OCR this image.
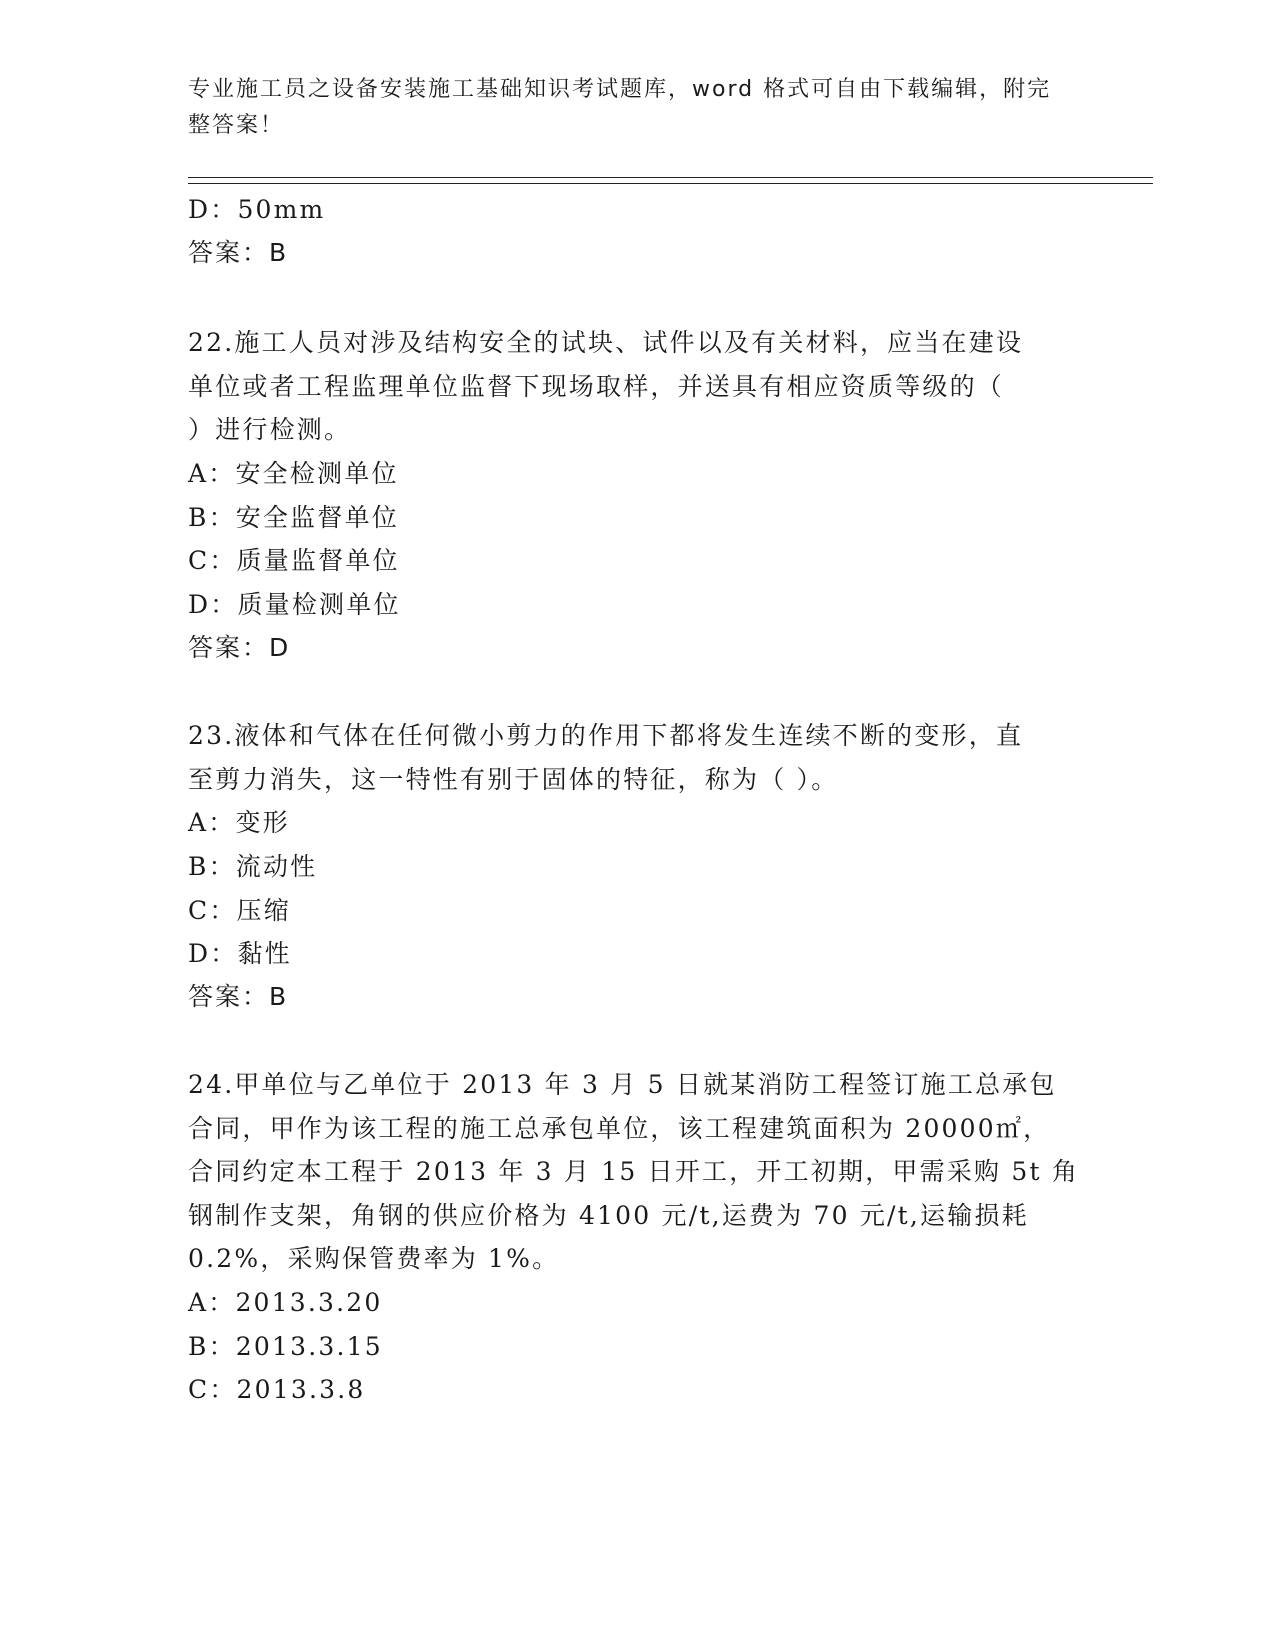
专业施工员之设备安装施工基础知识考试题库，word 格式可自由下载编辑，附完
整答案！
D：50mm
答案：B
22.施工人员对涉及结构安全的试块、试件以及有关材料，应当在建设
单位或者工程监理单位监督下现场取样，并送具有相应资质等级的（
）进行检测。
A：安全检测单位
B：安全监督单位
C：质量监督单位
D：质量检测单位
答案：D
23.液体和气体在任何微小剪力的作用下都将发生连续不断的变形，直
至剪力消失，这一特性有别于固体的特征，称为（ ）。
A：变形
B：流动性
C：压缩
D：黏性
答案：B
24.甲单位与乙单位于 2013 年 3 月 5 日就某消防工程签订施工总承包
合同，甲作为该工程的施工总承包单位，该工程建筑面积为 20000㎡，
合同约定本工程于 2013 年 3 月 15 日开工，开工初期，甲需采购 5t 角
钢制作支架，角钢的供应价格为 4100 元/t,运费为 70 元/t,运输损耗
0.2%，采购保管费率为 1%。
A：2013.3.20
B：2013.3.15
C：2013.3.8
